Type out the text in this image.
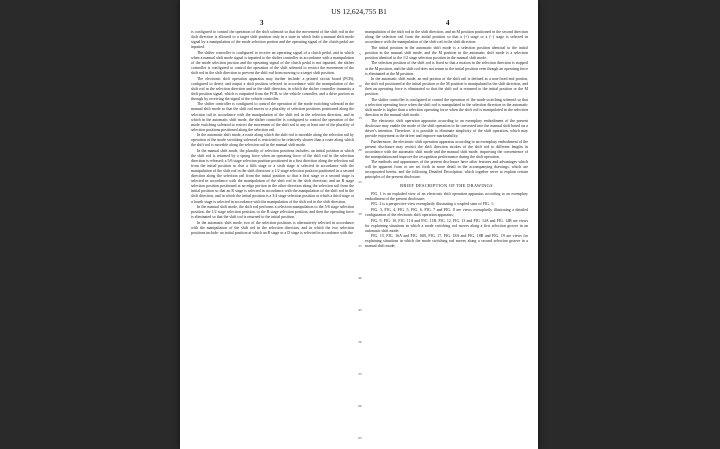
US 12,624,755 B1
3	4

is configured to control the operation of the shift solenoid so that the movement of the shift rod in the shift direction is allowed to a target shift position only in a state in which both a manual shift mode signal by a manipulation of the mode selection portion and the operating signal of the clutch pedal are inputted.

The shifter controller is configured to receive an operating signal of a clutch pedal, and in which when a manual shift mode signal is inputted to the shifter controller in accordance with a manipulation of the mode selection portion and the operating signal of the clutch pedal is not inputted, the shifter controller is configured to control the operation of the shift solenoid to restrict the movement of the shift rod in the shift direction to prevent the shift rod from moving to a target shift position.

The electronic shift operation apparatus may further include: a printed circuit board (PCB), configured to detect and output a shift position selected in accordance with the manipulation of the shift rod in the selection direction and in the shift direction, in which the shifter controller transmits a shift position signal, which is outputted from the PCB, to the vehicle controller, and a drive portion as through by receiving the signal of the vehicle controller.

The shifter controller is configured to control the operation of the mode switching solenoid in the manual shift mode so that the shift rod moves to a plurality of selection positions positioned along the selection rail in accordance with the manipulation of the shift rod in the selection direction, and in which in the automatic shift mode, the shifter controller is configured to control the operation of the mode switching solenoid to restrict the movement of the shift rod to any at least one of the plurality of selection positions positioned along the selection rail.

In the automatic shift mode, a route along which the shift rod is movable along the selection rail by operation of the mode switching solenoid is restricted to be relatively shorter than a route along which the shift rod is movable along the selection rail in the manual shift mode.

In the manual shift mode, the plurality of selection positions includes: an initial position at which the shift rod is returned by a spring force when an operating force of the shift rod in the selection direction is released; a 5/6 stage selection position positioned in a first direction along the selection rail from the initial position so that a fifth stage or a sixth stage is selected in accordance with the manipulation of the shift rod in the shift direction; a 1/2 stage selection position positioned in a second direction along the selection rail from the initial position so that a first stage or a second stage is selected in accordance with the manipulation of the shift rod in the shift direction; and an R stage selection position positioned at an edge portion in the other direction along the selection rail from the initial position so that an R stage is selected in accordance with the manipulation of the shift rod in the shift direction, and in which the initial position is a 3/4 stage selection position at which a third stage or a fourth stage is selected in accordance with the manipulation of the shift rod in the shift direction.

In the manual shift mode, the shift rod performs a selection manipulation to the 5/6 stage selection position, the 1/2 stage selection position, or the R stage selection position, and then the operating force is eliminated so that the shift rod is returned to the initial position.

In the automatic shift mode, two of the selection positions is alternatively selected in accordance with the manipulation of the shift rod in the selection direction, and in which the two selection positions include: an initial position at which an R stage or a D stage is selected in accordance with the

5
10
15
20
25
30
35
40
45
50
55
60
65

manipulation of the shift rod in the shift direction, and an M position positioned in the second direction along the selection rail from the initial position so that a (+) stage or a (−) stage is selected in accordance with the manipulation of the shift rod in the shift direction.

The initial position in the automatic shift mode is a selection position identical to the initial position in the manual shift mode, and the M position in the automatic shift mode is a selection position identical to the 1/2 stage selection position in the manual shift mode.

The selection position of the shift rod is fixed so that a motion in the selection direction is stopped at the M position, and the shift rod does not return to the initial position even though an operating force is eliminated at the M position.

In the automatic shift mode, an end portion of the shift rail is defined as a non-fixed end portion, the shift rod positioned at the initial position or the M position is manipulated in the shift direction, and then an operating force is eliminated so that the shift rod is returned to the initial position or the M position.

The shifter controller is configured to control the operation of the mode switching solenoid so that a selection operating force when the shift rod is manipulated in the selection direction in the automatic shift mode is higher than a selection operating force when the shift rod is manipulated in the selection direction in the manual shift mode.

The electronic shift operation apparatus according to an exemplary embodiment of the present disclosure may enable the mode of the shift operation to be converted into the manual shift based on a driver's intention. Therefore, it is possible to eliminate simplicity of the shift operation, which may provide enjoyment to the driver and improve marketability.

Furthermore, the electronic shift operation apparatus according to an exemplary embodiment of the present disclosure may restrict the shift direction strokes of the shift rod to different lengths in accordance with the automatic shift mode and the manual shift mode, improving the convenience of the manipulation and improve the recognition performance during the shift operation.

The methods and apparatuses of the present disclosure have other features and advantages which will be apparent from or are set forth in more detail in the accompanying drawings, which are incorporated herein, and the following Detailed Description, which together serve to explain certain principles of the present disclosure.

BRIEF DESCRIPTION OF THE DRAWINGS

FIG. 1 is an exploded view of an electronic shift operation apparatus according to an exemplary embodiment of the present disclosure;

FIG. 2 is a perspective view exemplarily illustrating a coupled state of FIG. 1;

FIG. 3, FIG. 4, FIG. 5, FIG. 6, FIG. 7 and FIG. 8 are views exemplarily illustrating a detailed configuration of the electronic shift operation apparatus;

FIG. 9, FIG. 10, FIG. 11A and FIG. 11B, FIG. 12, FIG. 13 and FIG. 14A and FIG. 14B are views for explaining situations in which a mode switching rod moves along a first selection groove in an automatic shift mode;

FIG. 15, FIG. 16A and FIG. 16B, FIG. 17, FIG. 18A and FIG. 18B and FIG. 19 are views for explaining situations in which the mode switching rod moves along a second selection groove in a manual shift mode;
